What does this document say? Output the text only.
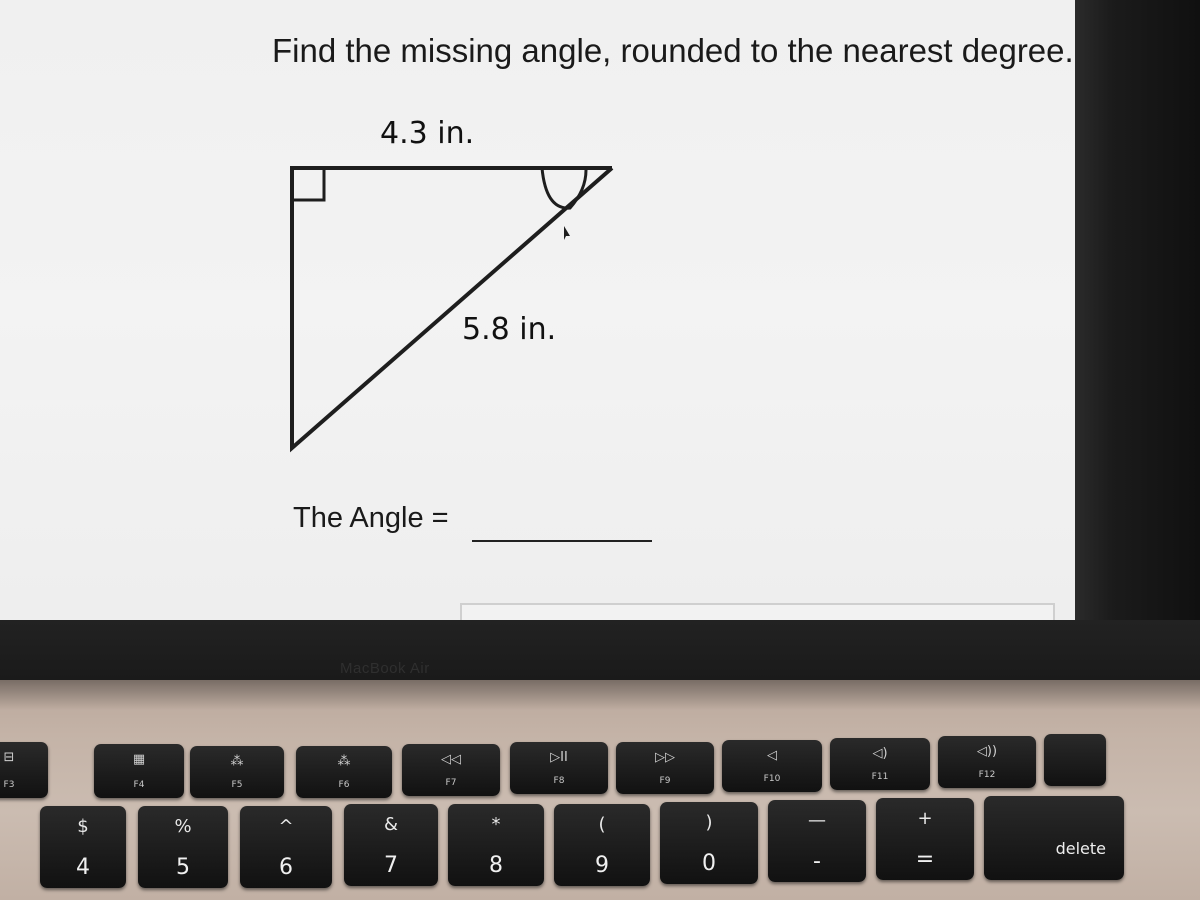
Find the missing angle, rounded to the nearest degree.
4.3 in.
5.8 in.
The Angle =
MacBook Air
⊟
F3
▦
F4
⁂
F5
⁂
F6
◁◁
F7
▷II
F8
▷▷
F9
◁
F10
◁)
F11
◁))
F12
$
4
%
5
^
6
&
7
*
8
(
9
)
0
—
-
+
=	delete
